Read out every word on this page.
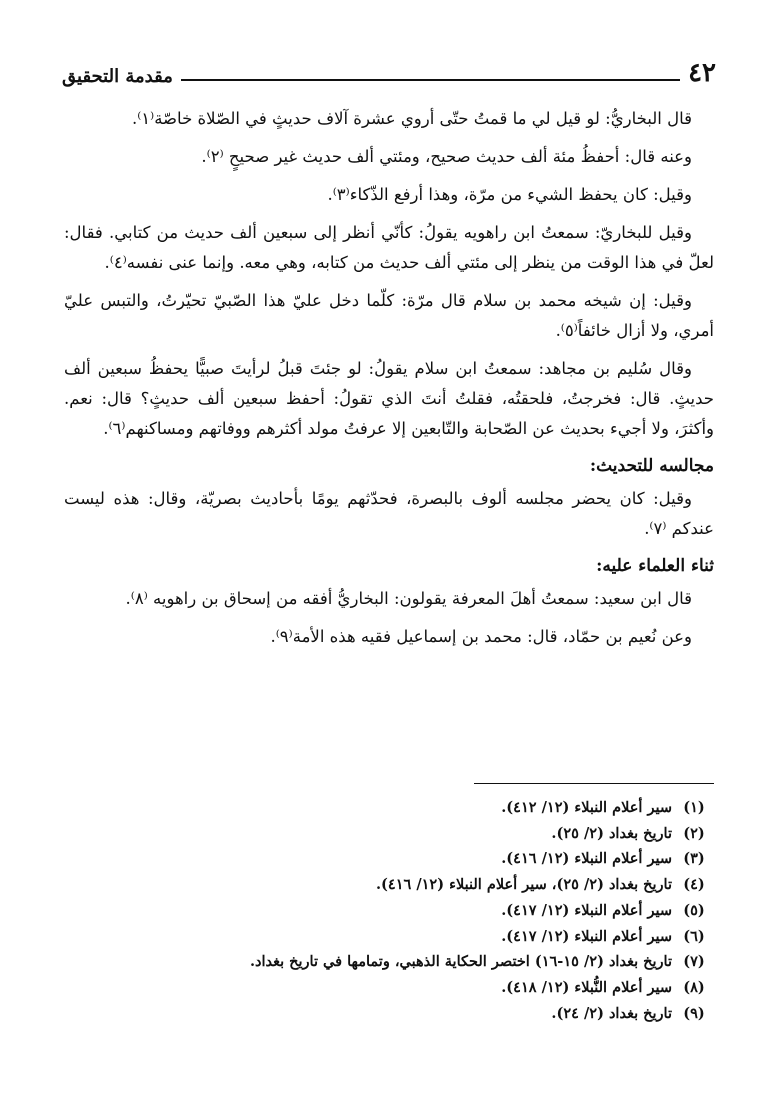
مقدمة التحقيق	٤٢

قال البخاريُّ: لو قيل لي ما قمتُ حتّى أروي عشرة آلاف حديثٍ في الصّلاة خاصّة⁽١⁾.

وعنه قال: أحفظُ مئة ألف حديث صحيح، ومئتي ألف حديث غير صحيحٍ ⁽٢⁾.

وقيل: كان يحفظ الشيء من مرّة، وهذا أرفع الذّكاء⁽٣⁾.

وقيل للبخاريّ: سمعتُ ابن راهويه يقولُ: كأنّي أنظر إلى سبعين ألف حديث من كتابي. فقال: لعلّ في هذا الوقت من ينظر إلى مئتي ألف حديث من كتابه، وهي معه. وإنما عنى نفسه⁽٤⁾.

وقيل: إن شيخه محمد بن سلام قال مرّة: كلّما دخل عليّ هذا الصّبيّ تحيّرتُ، والتبس عليّ أمري، ولا أزال خائفاً⁽٥⁾.

وقال سُليم بن مجاهد: سمعتُ ابن سلام يقولُ: لو جئتَ قبلُ لرأيتَ صبيًّا يحفظُ سبعين ألف حديثٍ. قال: فخرجتُ، فلحقتُه، فقلتُ أنتَ الذي تقولُ: أحفظ سبعين ألف حديثٍ؟ قال: نعم. وأكثرَ، ولا أجيء بحديث عن الصّحابة والتّابعين إلا عرفتُ مولد أكثرهم ووفاتهم ومساكنهم⁽٦⁾.

مجالسه للتحديث:

وقيل: كان يحضر مجلسه ألوف بالبصرة، فحدّثهم يومًا بأحاديث بصريّة، وقال: هذه ليست عندكم ⁽٧⁾.

ثناء العلماء عليه:

قال ابن سعيد: سمعتُ أهلَ المعرفة يقولون: البخاريُّ أفقه من إسحاق بن راهويه ⁽٨⁾.

وعن نُعيم بن حمّاد، قال: محمد بن إسماعيل فقيه هذه الأمة⁽٩⁾.

(١)
سير أعلام النبلاء (١٢/ ٤١٢).
(٢)
تاريخ بغداد (٢/ ٢٥).
(٣)
سير أعلام النبلاء (١٢/ ٤١٦).
(٤)
تاريخ بغداد (٢/ ٢٥)، سير أعلام النبلاء (١٢/ ٤١٦).
(٥)
سير أعلام النبلاء (١٢/ ٤١٧).
(٦)
سير أعلام النبلاء (١٢/ ٤١٧).
(٧)
تاريخ بغداد (٢/ ١٥-١٦) اختصر الحكاية الذهبي، وتمامها في تاريخ بغداد.
(٨)
سير أعلام النُّبلاء (١٢/ ٤١٨).
(٩)
تاريخ بغداد (٢/ ٢٤).
